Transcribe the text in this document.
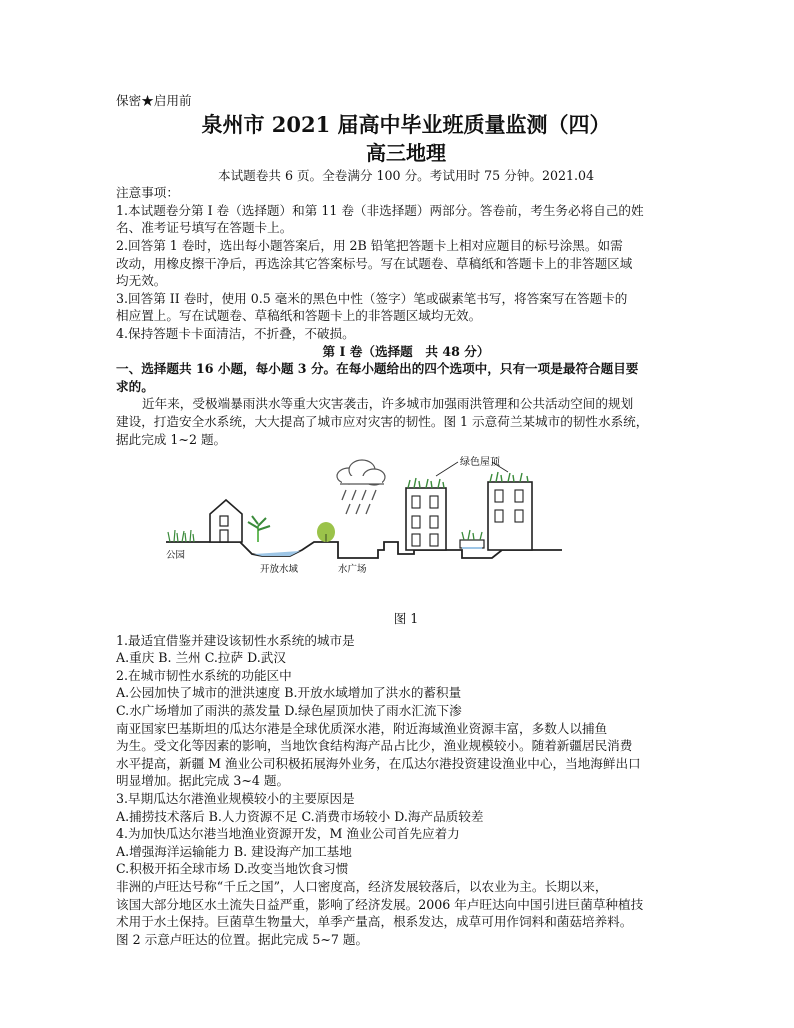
保密★启用前
泉州市 2021 届高中毕业班质量监测（四）
高三地理
本试题卷共 6 页。全卷满分 100 分。考试用时 75 分钟。2021.04
注意事项：
1.本试题卷分第 I 卷（选择题）和第 11 卷（非选择题）两部分。答卷前，考生务必将自己的姓
名、准考证号填写在答题卡上。
2.回答第 1 卷时，选出每小题答案后，用 2B 铅笔把答题卡上相对应题目的标号涂黑。如需
改动，用橡皮擦干净后，再选涂其它答案标号。写在试题卷、草稿纸和答题卡上的非答题区域
均无效。
3.回答第 II 卷时，使用 0.5 毫米的黑色中性（签字）笔或碳素笔书写，将答案写在答题卡的
相应置上。写在试题卷、草稿纸和答题卡上的非答题区域均无效。
4.保持答题卡卡面清洁，不折叠，不破损。
第 I 卷（选择题　共 48 分）
一、选择题共 16 小题，每小题 3 分。在每小题给出的四个选项中，只有一项是最符合题目要
求的。
近年来，受极端暴雨洪水等重大灾害袭击，许多城市加强雨洪管理和公共活动空间的规划
建设，打造安全水系统，大大提高了城市应对灾害的韧性。图 1 示意荷兰某城市的韧性水系统，
据此完成 1~2 题。
绿色屋顶
公园
开放水域	水广场
图 1
1.最适宜借鉴并建设该韧性水系统的城市是
A.重庆 B. 兰州 C.拉萨 D.武汉
2.在城市韧性水系统的功能区中
A.公园加快了城市的泄洪速度 B.开放水域增加了洪水的蓄积量
C.水广场增加了雨洪的蒸发量 D.绿色屋顶加快了雨水汇流下渗
南亚国家巴基斯坦的瓜达尔港是全球优质深水港，附近海域渔业资源丰富，多数人以捕鱼
为生。受文化等因素的影响，当地饮食结构海产品占比少，渔业规模较小。随着新疆居民消费
水平提高，新疆 M 渔业公司积极拓展海外业务，在瓜达尔港投资建设渔业中心，当地海鲜出口
明显增加。据此完成 3~4 题。
3.早期瓜达尔港渔业规模较小的主要原因是
A.捕捞技术落后 B.人力资源不足 C.消费市场较小 D.海产品质较差
4.为加快瓜达尔港当地渔业资源开发，M 渔业公司首先应着力
A.增强海洋运输能力 B. 建设海产加工基地
C.积极开拓全球市场 D.改变当地饮食习惯
非洲的卢旺达号称“千丘之国”，人口密度高，经济发展较落后，以农业为主。长期以来，
该国大部分地区水土流失日益严重，影响了经济发展。2006 年卢旺达向中国引进巨菌草种植技
术用于水土保持。巨菌草生物量大，单季产量高，根系发达，成草可用作饲料和菌菇培养料。
图 2 示意卢旺达的位置。据此完成 5~7 题。
